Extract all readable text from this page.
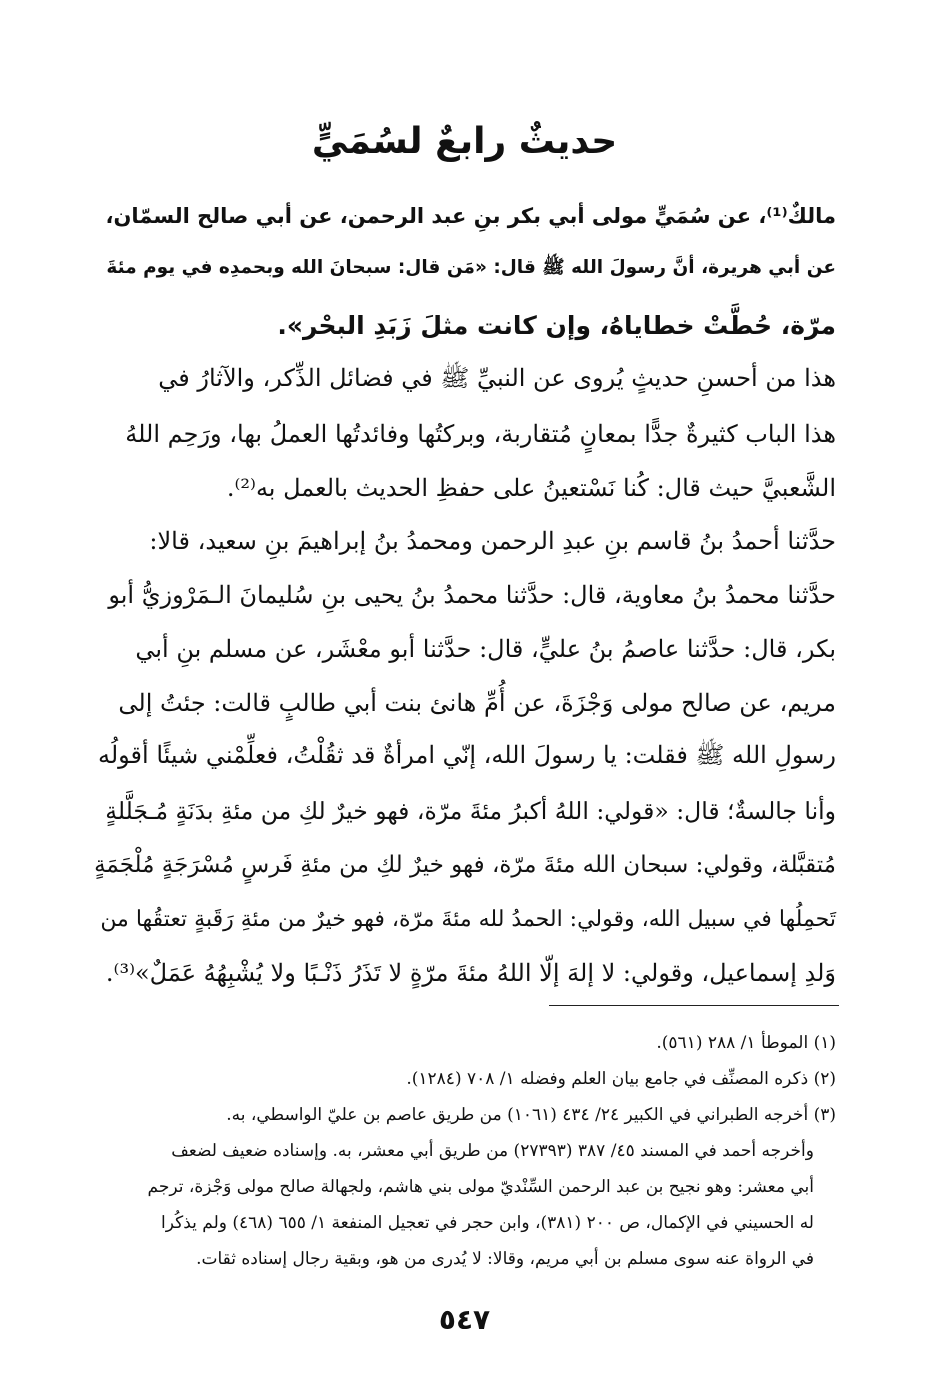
حديثٌ رابعٌ لسُمَيٍّ
مالكٌ⁽¹⁾، عن سُمَيٍّ مولى أبي بكر بنِ عبد الرحمن، عن أبي صالح السمّان،
عن أبي هريرة، أنَّ رسولَ الله ﷺ قال: «مَن قال: سبحانَ الله وبحمدِه في يوم مئةَ
مرّة، حُطَّتْ خطاياهُ، وإن كانت مثلَ زَبَدِ البحْر».
هذا من أحسنِ حديثٍ يُروى عن النبيِّ ﷺ في فضائل الذِّكر، والآثارُ في
هذا الباب كثيرةٌ جدًّا بمعانٍ مُتقاربة، وبركتُها وفائدتُها العملُ بها، ورَحِم اللهُ
الشَّعبيَّ حيث قال: كُنا نَسْتعينُ على حفظِ الحديث بالعمل به⁽²⁾.
حدَّثنا أحمدُ بنُ قاسم بنِ عبدِ الرحمن ومحمدُ بنُ إبراهيمَ بنِ سعيد، قالا:
حدَّثنا محمدُ بنُ معاوية، قال: حدَّثنا محمدُ بنُ يحيى بنِ سُليمانَ الـمَرْوزيُّ أبو
بكر، قال: حدَّثنا عاصمُ بنُ عليٍّ، قال: حدَّثنا أبو معْشَر، عن مسلم بنِ أبي
مريم، عن صالح مولى وَجْزَةَ، عن أُمِّ هانئ بنت أبي طالبٍ قالت: جئتُ إلى
رسولِ الله ﷺ فقلت: يا رسولَ الله، إنّي امرأةٌ قد ثقُلْتُ، فعلِّمْني شيئًا أقولُه
وأنا جالسةٌ؛ قال: «قولي: اللهُ أكبرُ مئةَ مرّة، فهو خيرٌ لكِ من مئةِ بدَنَةٍ مُـجَلَّلةٍ
مُتقبَّلة، وقولي: سبحان الله مئةَ مرّة، فهو خيرٌ لكِ من مئةِ فَرسٍ مُسْرَجَةٍ مُلْجَمَةٍ
تَحمِلُها في سبيل الله، وقولي: الحمدُ لله مئةَ مرّة، فهو خيرٌ من مئةِ رَقَبةٍ تعتقُها من
وَلدِ إسماعيل، وقولي: لا إلهَ إلّا اللهُ مئةَ مرّةٍ لا تَذَرُ ذَنْـبًا ولا يُشْبِهُهُ عَمَلٌ»⁽³⁾.
(١) الموطأ ١/ ٢٨٨ (٥٦١).
(٢) ذكره المصنِّف في جامع بيان العلم وفضله ١/ ٧٠٨ (١٢٨٤).
(٣) أخرجه الطبراني في الكبير ٢٤/ ٤٣٤ (١٠٦١) من طريق عاصم بن عليّ الواسطي، به.
وأخرجه أحمد في المسند ٤٥/ ٣٨٧ (٢٧٣٩٣) من طريق أبي معشر، به. وإسناده ضعيف لضعف
أبي معشر: وهو نجيح بن عبد الرحمن السِّنْديّ مولى بني هاشم، ولجهالة صالح مولى وَجْزة، ترجم
له الحسيني في الإكمال، ص ٢٠٠ (٣٨١)، وابن حجر في تعجيل المنفعة ١/ ٦٥٥ (٤٦٨) ولم يذكُرا
في الرواة عنه سوى مسلم بن أبي مريم، وقالا: لا يُدرى من هو، وبقية رجال إسناده ثقات.
٥٤٧
